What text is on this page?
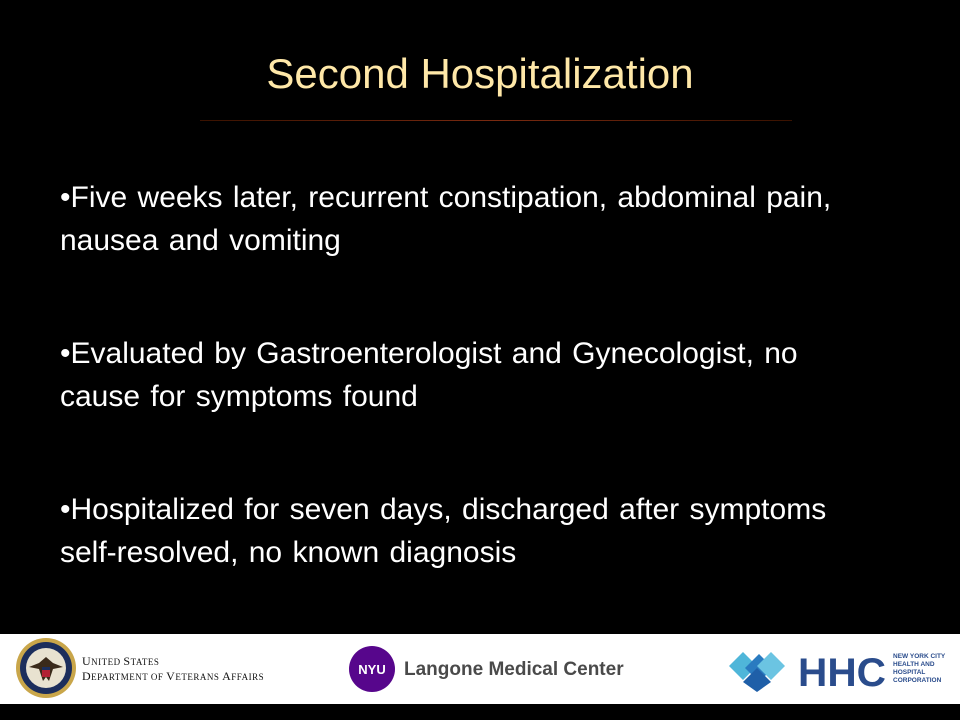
Second Hospitalization
•Five weeks later, recurrent constipation, abdominal pain, nausea and vomiting
•Evaluated by Gastroenterologist and Gynecologist, no cause for symptoms found
•Hospitalized for seven days, discharged after symptoms self-resolved, no known diagnosis
UNITED STATES
DEPARTMENT OF VETERANS AFFAIRS	NYU Langone Medical Center	HHC NEW YORK CITY
HEALTH AND
HOSPITAL
CORPORATION
